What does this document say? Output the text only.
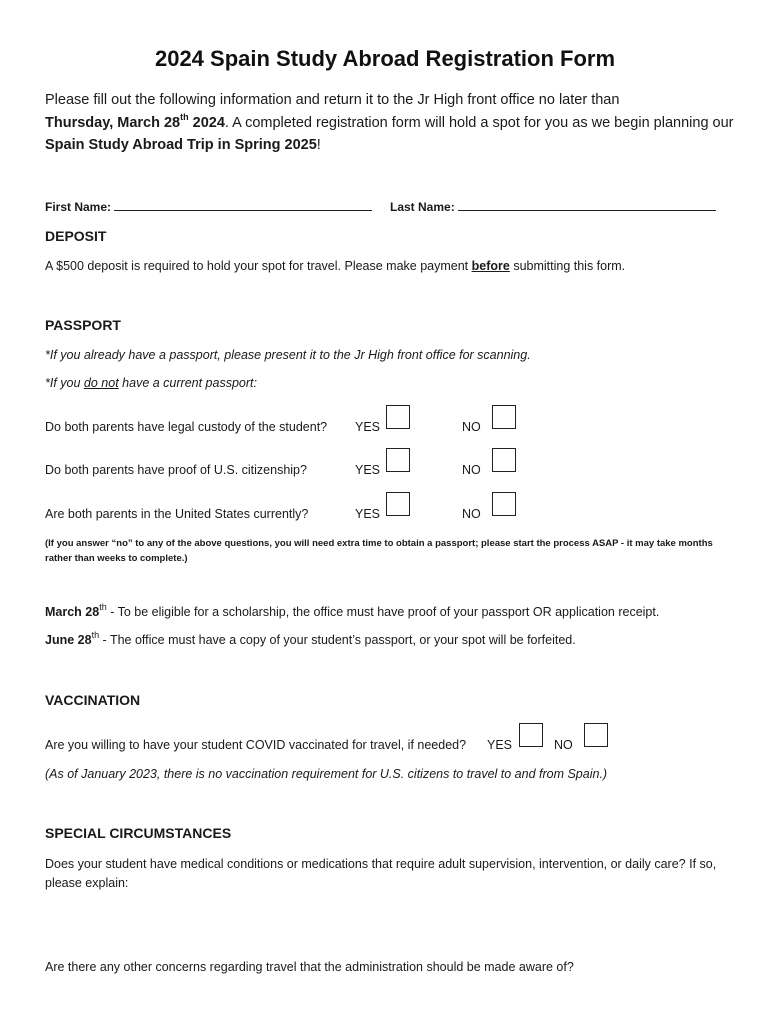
2024 Spain Study Abroad Registration Form
Please fill out the following information and return it to the Jr High front office no later than
Thursday, March 28th 2024. A completed registration form will hold a spot for you as we begin planning our Spain Study Abroad Trip in Spring 2025!
First Name:	Last Name:
DEPOSIT
A $500 deposit is required to hold your spot for travel. Please make payment before submitting this form.
PASSPORT
*If you already have a passport, please present it to the Jr High front office for scanning.
*If you do not have a current passport:
Do both parents have legal custody of the student? YES	NO
Do both parents have proof of U.S. citizenship?	YES	NO
Are both parents in the United States currently?	YES	NO
(If you answer “no” to any of the above questions, you will need extra time to obtain a passport; please start the process ASAP - it may take months rather than weeks to complete.)
March 28th - To be eligible for a scholarship, the office must have proof of your passport OR application receipt.
June 28th - The office must have a copy of your student’s passport, or your spot will be forfeited.
VACCINATION
Are you willing to have your student COVID vaccinated for travel, if needed? YES	NO
(As of January 2023, there is no vaccination requirement for U.S. citizens to travel to and from Spain.)
SPECIAL CIRCUMSTANCES
Does your student have medical conditions or medications that require adult supervision, intervention, or daily care? If so, please explain:
Are there any other concerns regarding travel that the administration should be made aware of?
